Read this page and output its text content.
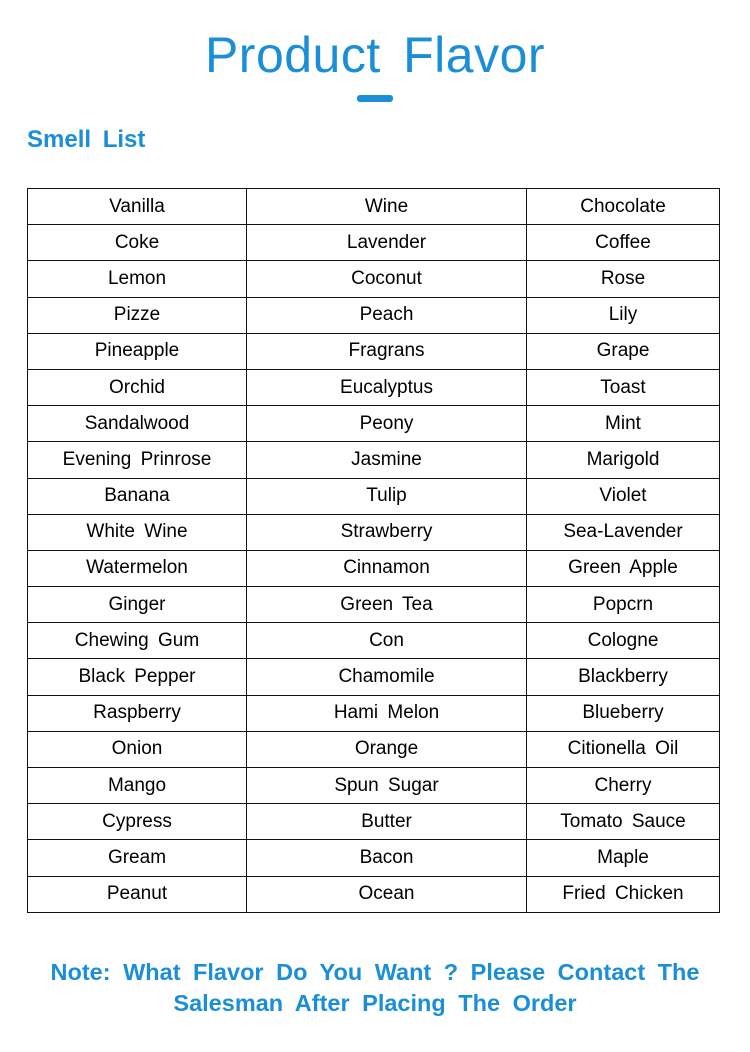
Product Flavor
Smell List
Vanilla	Wine	Chocolate
Coke	Lavender	Coffee
Lemon	Coconut	Rose
Pizze	Peach	Lily
Pineapple	Fragrans	Grape
Orchid	Eucalyptus	Toast
Sandalwood	Peony	Mint
Evening Prinrose	Jasmine	Marigold
Banana	Tulip	Violet
White Wine	Strawberry	Sea-Lavender
Watermelon	Cinnamon	Green Apple
Ginger	Green Tea	Popcrn
Chewing Gum	Con	Cologne
Black Pepper	Chamomile	Blackberry
Raspberry	Hami Melon	Blueberry
Onion	Orange	Citionella Oil
Mango	Spun Sugar	Cherry
Cypress	Butter	Tomato Sauce
Gream	Bacon	Maple
Peanut	Ocean	Fried Chicken
Note: What Flavor Do You Want ? Please Contact The
Salesman After Placing The Order
